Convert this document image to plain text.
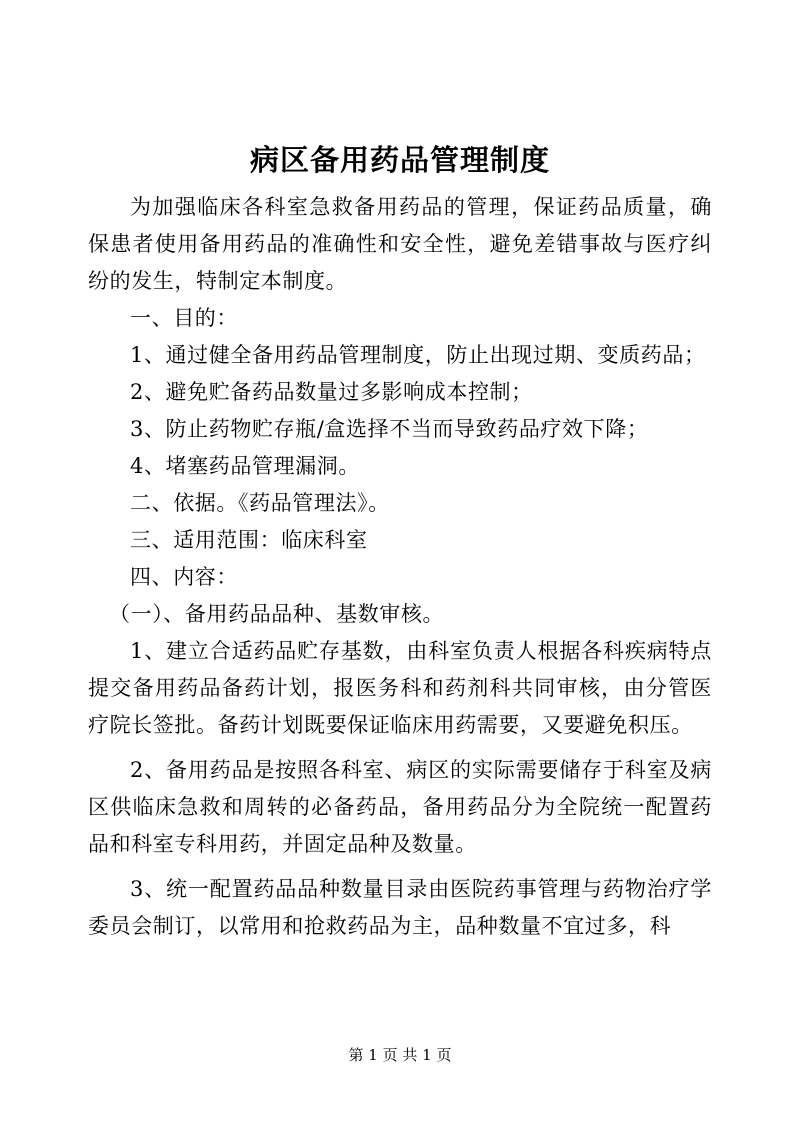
病区备用药品管理制度

为加强临床各科室急救备用药品的管理，保证药品质量，确保患者使用备用药品的准确性和安全性，避免差错事故与医疗纠纷的发生，特制定本制度。

一、目的：

1、通过健全备用药品管理制度，防止出现过期、变质药品；

2、避免贮备药品数量过多影响成本控制；

3、防止药物贮存瓶/盒选择不当而导致药品疗效下降；

4、堵塞药品管理漏洞。

二、依据。《药品管理法》。

三、适用范围：临床科室

四、内容：

（一）、备用药品品种、基数审核。

1、建立合适药品贮存基数，由科室负责人根据各科疾病特点提交备用药品备药计划，报医务科和药剂科共同审核，由分管医疗院长签批。备药计划既要保证临床用药需要，又要避免积压。

2、备用药品是按照各科室、病区的实际需要储存于科室及病区供临床急救和周转的必备药品，备用药品分为全院统一配置药品和科室专科用药，并固定品种及数量。

3、统一配置药品品种数量目录由医院药事管理与药物治疗学委员会制订，以常用和抢救药品为主，品种数量不宜过多，科

第 1 页 共 1 页
